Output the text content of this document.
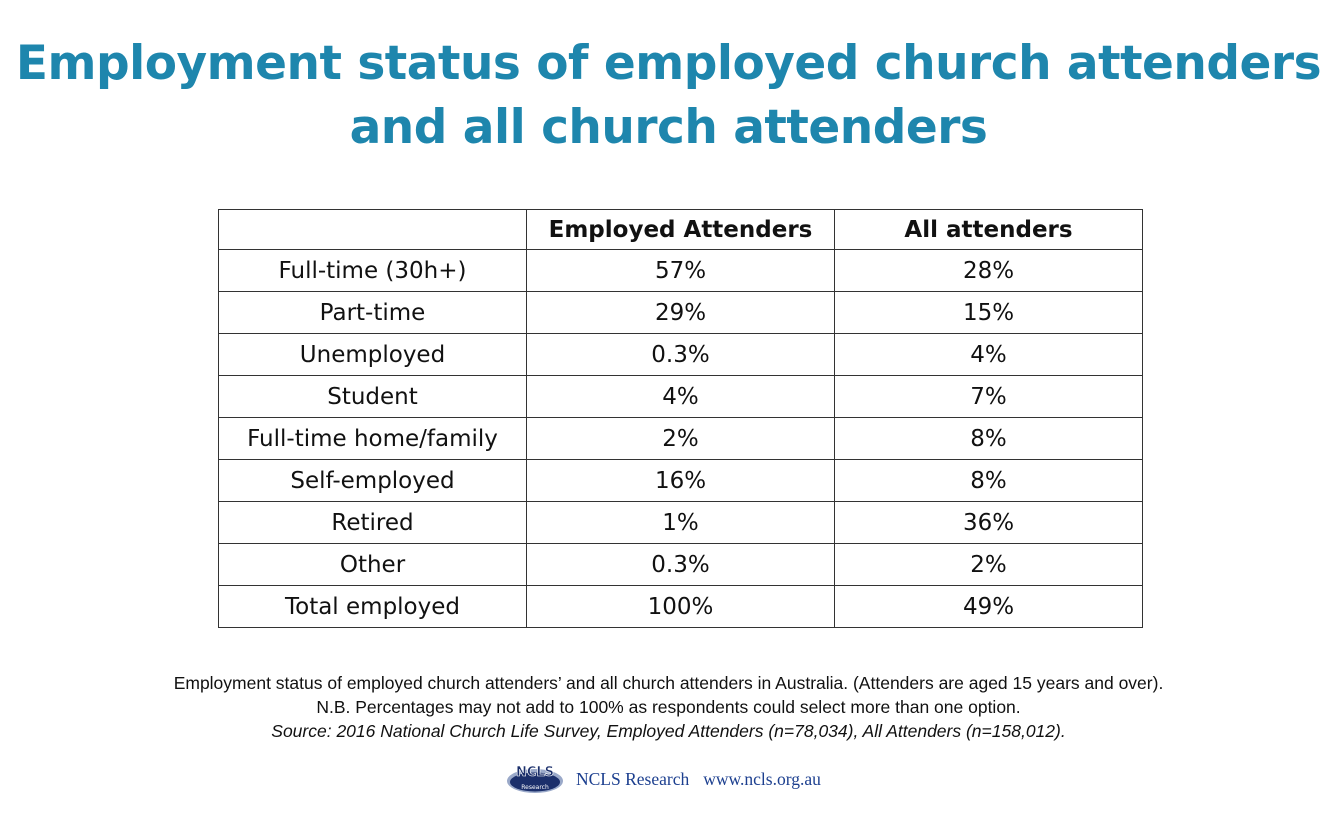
Employment status of employed church attenders
and all church attenders
	Employed Attenders	All attenders
Full-time (30h+)	57%	28%
Part-time	29%	15%
Unemployed	0.3%	4%
Student	4%	7%
Full-time home/family	2%	8%
Self-employed	16%	8%
Retired	1%	36%
Other	0.3%	2%
Total employed	100%	49%
Employment status of employed church attenders’ and all church attenders in Australia. (Attenders are aged 15 years and over).
N.B. Percentages may not add to 100% as respondents could select more than one option.
Source: 2016 National Church Life Survey, Employed Attenders (n=78,034), All Attenders (n=158,012).
NCLS
Research NCLS Research www.ncls.org.au
